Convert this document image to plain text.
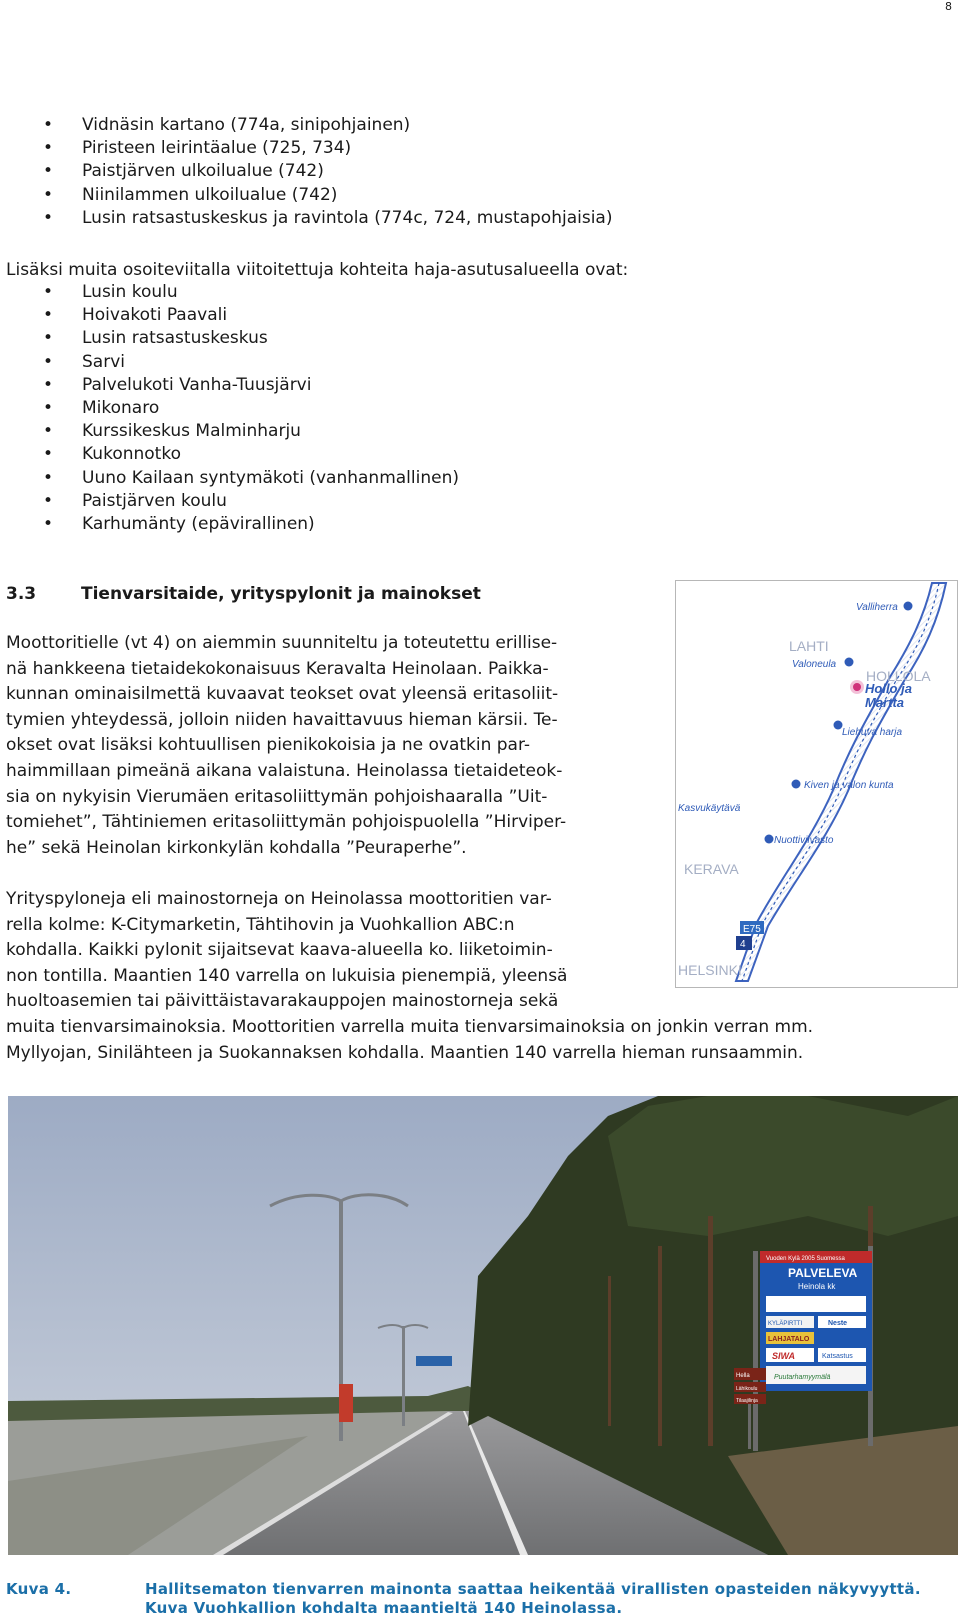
8
• Vidnäsin kartano (774a, sinipohjainen)
• Piristeen leirintäalue (725, 734)
• Paistjärven ulkoilualue (742)
• Niinilammen ulkoilualue (742)
• Lusin ratsastuskeskus ja ravintola (774c, 724, mustapohjaisia)
Lisäksi muita osoiteviitalla viitoitettuja kohteita haja-asutusalueella ovat:
• Lusin koulu
• Hoivakoti Paavali
• Lusin ratsastuskeskus
• Sarvi
• Palvelukoti Vanha-Tuusjärvi
• Mikonaro
• Kurssikeskus Malminharju
• Kukonnotko
• Uuno Kailaan syntymäkoti (vanhanmallinen)
• Paistjärven koulu
• Karhumänty (epävirallinen)
3.3	Tienvarsitaide, yrityspylonit ja mainokset
Moottoritielle (vt 4) on aiemmin suunniteltu ja toteutettu erillise-
nä hankkeena tietaidekokonaisuus Keravalta Heinolaan. Paikka-
kunnan ominaisilmettä kuvaavat teokset ovat yleensä eritasoliit-
tymien yhteydessä, jolloin niiden havaittavuus hieman kärsii. Te-
okset ovat lisäksi kohtuullisen pienikokoisia ja ne ovatkin par-
haimmillaan pimeänä aikana valaistuna. Heinolassa tietaideteok-
sia on nykyisin Vierumäen eritasoliittymän pohjoishaaralla ”Uit-
tomiehet”, Tähtiniemen eritasoliittymän pohjoispuolella ”Hirviper-
he” sekä Heinolan kirkonkylän kohdalla ”Peuraperhe”.
Yrityspyloneja eli mainostorneja on Heinolassa moottoritien var-
rella kolme: K-Citymarketin, Tähtihovin ja Vuohkallion ABC:n
kohdalla. Kaikki pylonit sijaitsevat kaava-alueella ko. liiketoimin-
non tontilla. Maantien 140 varrella on lukuisia pienempiä, yleensä
huoltoasemien tai päivittäistavarakauppojen mainostorneja sekä
muita tienvarsimainoksia. Moottoritien varrella muita tienvarsimainoksia on jonkin verran mm.
Myllyojan, Sinilähteen ja Suokannaksen kohdalla. Maantien 140 varrella hieman runsaammin.
LAHTI
HOLLOLA
KERAVA
HELSINKI
Valliherra
Valoneula
Hollo ja Martta
Liehuva harja
Kiven ja valon kunta
Kasvukäytävä
Nuottiviivasto
E75
4
Vuoden Kylä 2005 Suomessa
PALVELEVA
Heinola kk
KYLÄPIRTTI	Neste
LAHJATALO
SIWA	Katsastus
Puutarhamyymälä
Hella
Lähikoulu
Tilaajilinja
Kuva 4.	Hallitsematon tienvarren mainonta saattaa heikentää virallisten opasteiden näkyvyyttä.
Kuva Vuohkallion kohdalta maantieltä 140 Heinolassa.
